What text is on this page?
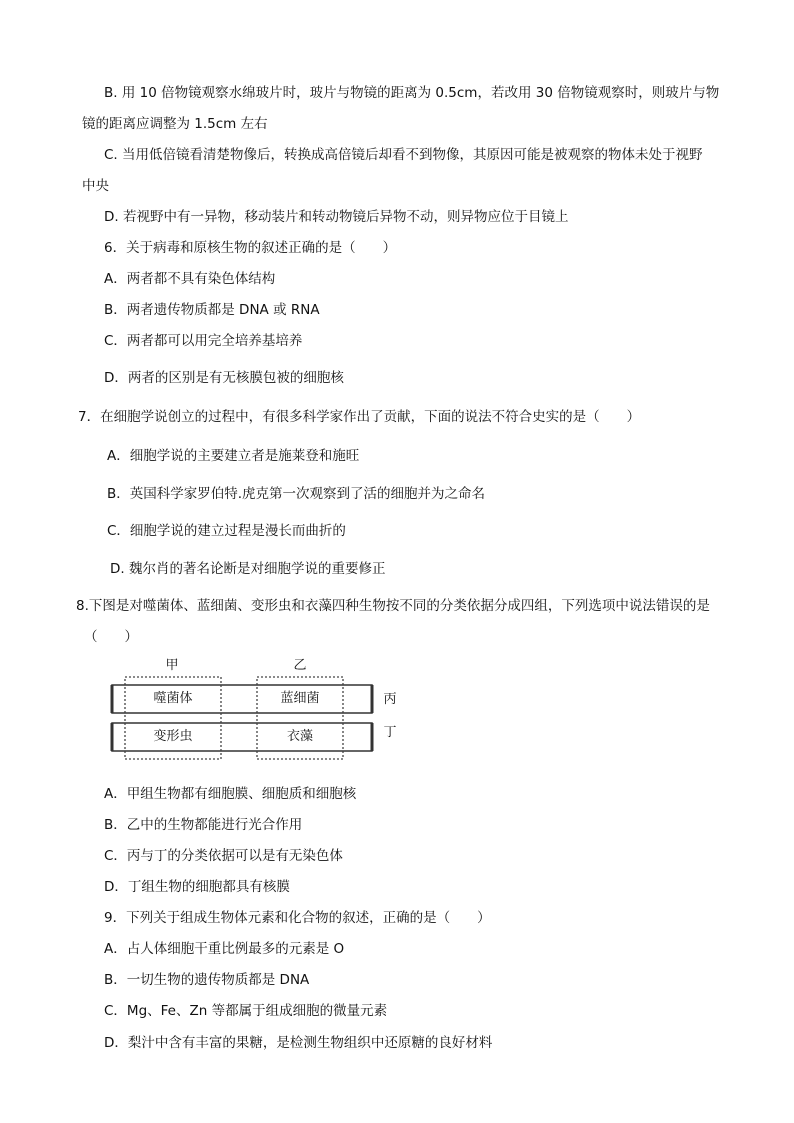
B. 用 10 倍物镜观察水绵玻片时，玻片与物镜的距离为 0.5cm，若改用 30 倍物镜观察时，则玻片与物
镜的距离应调整为 1.5cm 左右
C. 当用低倍镜看清楚物像后，转换成高倍镜后却看不到物像，其原因可能是被观察的物体未处于视野
中央
D. 若视野中有一异物，移动装片和转动物镜后异物不动，则异物应位于目镜上
6．关于病毒和原核生物的叙述正确的是（　　）
A．两者都不具有染色体结构
B．两者遗传物质都是 DNA 或 RNA
C．两者都可以用完全培养基培养
D．两者的区别是有无核膜包被的细胞核
7．在细胞学说创立的过程中，有很多科学家作出了贡献，下面的说法不符合史实的是（　　）
A．细胞学说的主要建立者是施莱登和施旺
B．英国科学家罗伯特.虎克第一次观察到了活的细胞并为之命名
C．细胞学说的建立过程是漫长而曲折的
D. 魏尔肖的著名论断是对细胞学说的重要修正
8.下图是对噬菌体、蓝细菌、变形虫和衣藻四种生物按不同的分类依据分成四组，下列选项中说法错误的是
（　　）
甲	乙
丙
丁
噬菌体	蓝细菌
变形虫	衣藻
A．甲组生物都有细胞膜、细胞质和细胞核
B．乙中的生物都能进行光合作用
C．丙与丁的分类依据可以是有无染色体
D．丁组生物的细胞都具有核膜
9．下列关于组成生物体元素和化合物的叙述，正确的是（　　）
A．占人体细胞干重比例最多的元素是 O
B．一切生物的遗传物质都是 DNA
C．Mg、Fe、Zn 等都属于组成细胞的微量元素
D．梨汁中含有丰富的果糖，是检测生物组织中还原糖的良好材料
